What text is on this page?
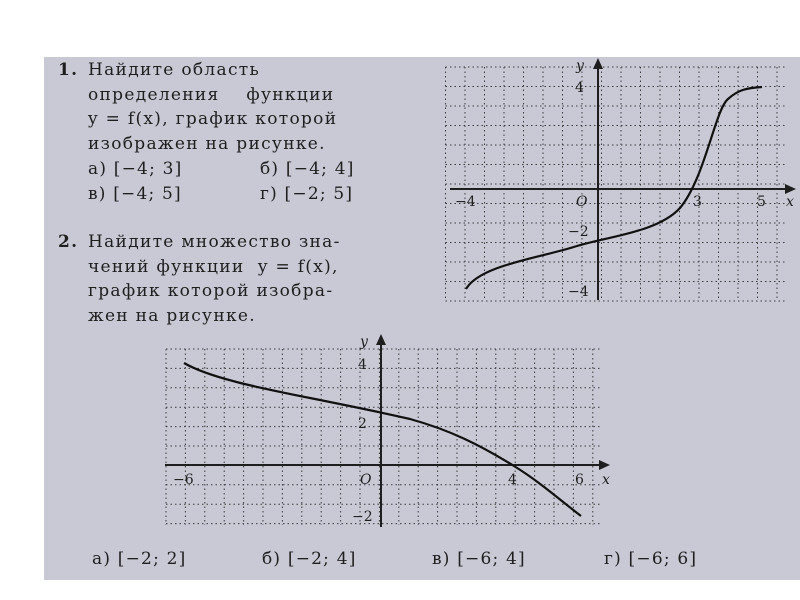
1. Найдите область
определения    функции
y = f(x), график которой
изображен на рисунке.
а) [−4; 3]	б) [−4; 4]
в) [−4; 5]	г) [−2; 5]
2. Найдите множество зна-
чений функции  y = f(x),
график которой изобра-
жен на рисунке.
x
y
O
−4	3	5
4
−2
−4
x
y
O
−6	4	6
4
2
−2
а) [−2; 2]	б) [−2; 4]	в) [−6; 4]	г) [−6; 6]
